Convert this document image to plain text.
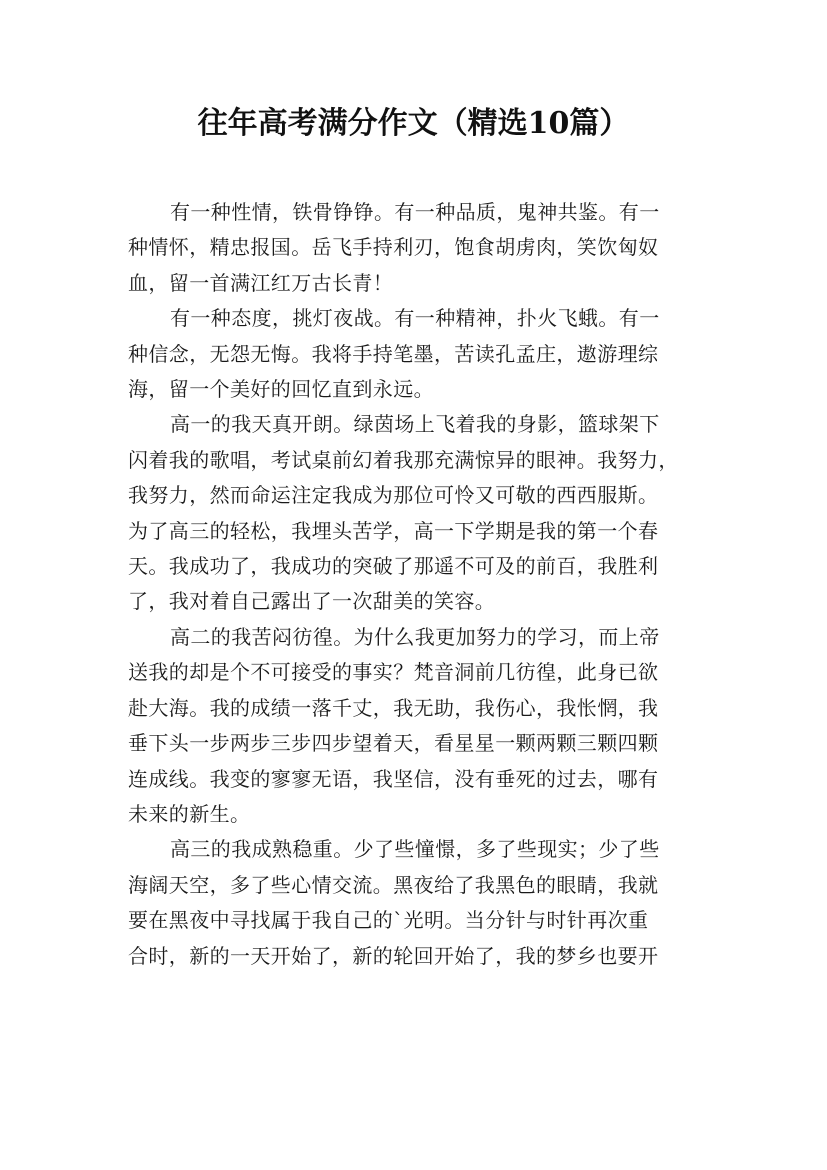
往年高考满分作文（精选10篇）

有一种性情，铁骨铮铮。有一种品质，鬼神共鉴。有一
种情怀，精忠报国。岳飞手持利刃，饱食胡虏肉，笑饮匈奴
血，留一首满江红万古长青！

有一种态度，挑灯夜战。有一种精神，扑火飞蛾。有一
种信念，无怨无悔。我将手持笔墨，苦读孔孟庄，遨游理综
海，留一个美好的回忆直到永远。

高一的我天真开朗。绿茵场上飞着我的身影，篮球架下
闪着我的歌唱，考试桌前幻着我那充满惊异的眼神。我努力，
我努力，然而命运注定我成为那位可怜又可敬的西西服斯。
为了高三的轻松，我埋头苦学，高一下学期是我的第一个春
天。我成功了，我成功的突破了那遥不可及的前百，我胜利
了，我对着自己露出了一次甜美的笑容。

高二的我苦闷彷徨。为什么我更加努力的学习，而上帝
送我的却是个不可接受的事实？梵音洞前几彷徨，此身已欲
赴大海。我的成绩一落千丈，我无助，我伤心，我怅惘，我
垂下头一步两步三步四步望着天，看星星一颗两颗三颗四颗
连成线。我变的寥寥无语，我坚信，没有垂死的过去，哪有
未来的新生。

高三的我成熟稳重。少了些憧憬，多了些现实；少了些
海阔天空，多了些心情交流。黑夜给了我黑色的眼睛，我就
要在黑夜中寻找属于我自己的`光明。当分针与时针再次重
合时，新的一天开始了，新的轮回开始了，我的梦乡也要开
